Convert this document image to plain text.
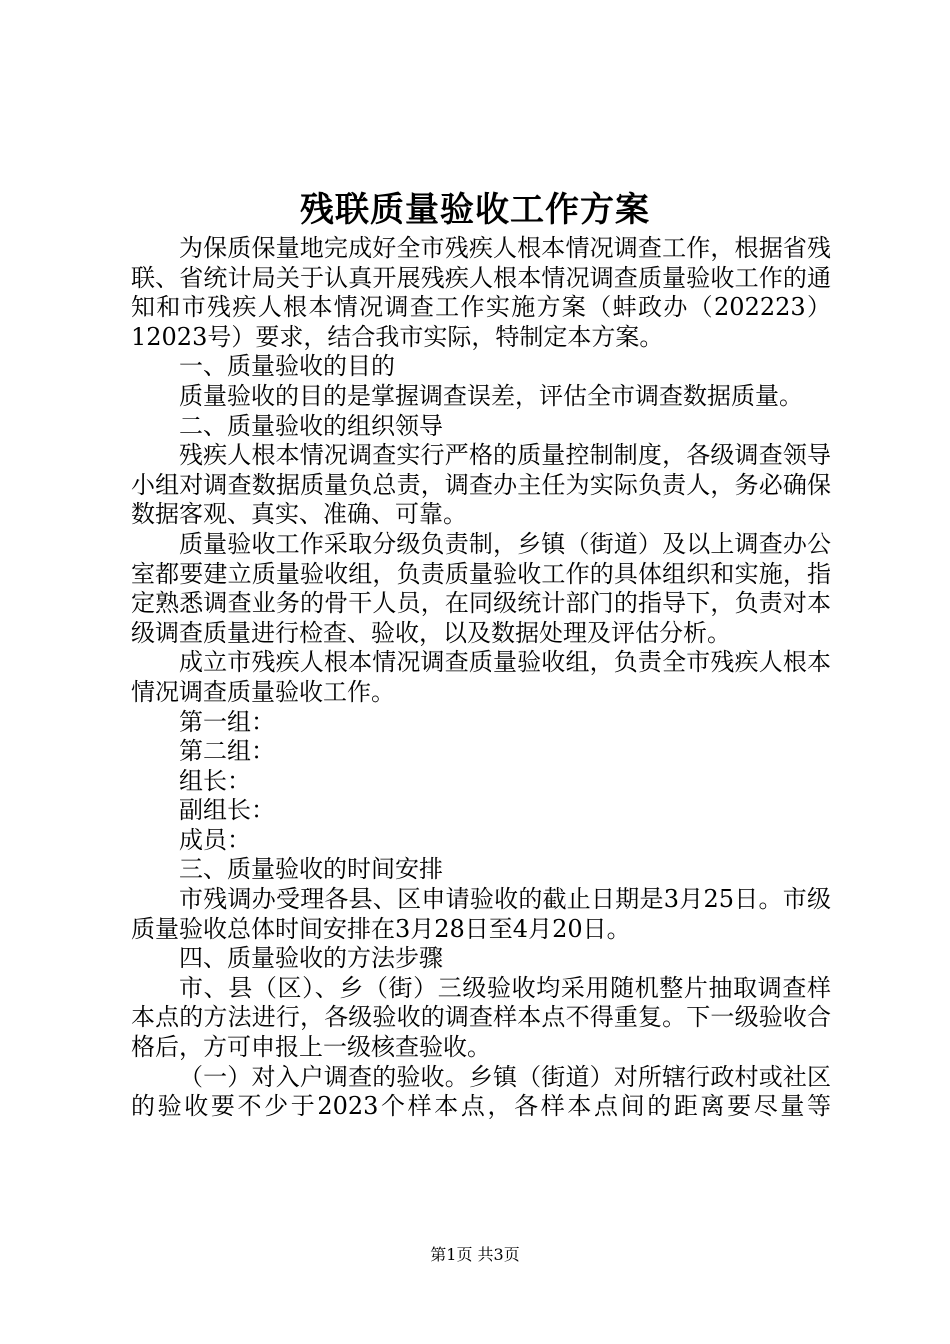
残联质量验收工作方案

为保质保量地完成好全市残疾人根本情况调查工作，根据省残联、省统计局关于认真开展残疾人根本情况调查质量验收工作的通知和市残疾人根本情况调查工作实施方案（蚌政办（202223）12023号）要求，结合我市实际，特制定本方案。

一、质量验收的目的

质量验收的目的是掌握调查误差，评估全市调查数据质量。

二、质量验收的组织领导

残疾人根本情况调查实行严格的质量控制制度，各级调查领导小组对调查数据质量负总责，调查办主任为实际负责人，务必确保数据客观、真实、准确、可靠。

质量验收工作采取分级负责制，乡镇（街道）及以上调查办公室都要建立质量验收组，负责质量验收工作的具体组织和实施，指定熟悉调查业务的骨干人员，在同级统计部门的指导下，负责对本级调查质量进行检查、验收，以及数据处理及评估分析。

成立市残疾人根本情况调查质量验收组，负责全市残疾人根本情况调查质量验收工作。

第一组：

第二组：

组长：

副组长：

成员：

三、质量验收的时间安排

市残调办受理各县、区申请验收的截止日期是3月25日。市级质量验收总体时间安排在3月28日至4月20日。

四、质量验收的方法步骤

市、县（区）、乡（街）三级验收均采用随机整片抽取调查样本点的方法进行，各级验收的调查样本点不得重复。下一级验收合格后，方可申报上一级核查验收。

（一）对入户调查的验收。乡镇（街道）对所辖行政村或社区的验收要不少于2023个样本点，各样本点间的距离要尽量等

第1页 共3页
